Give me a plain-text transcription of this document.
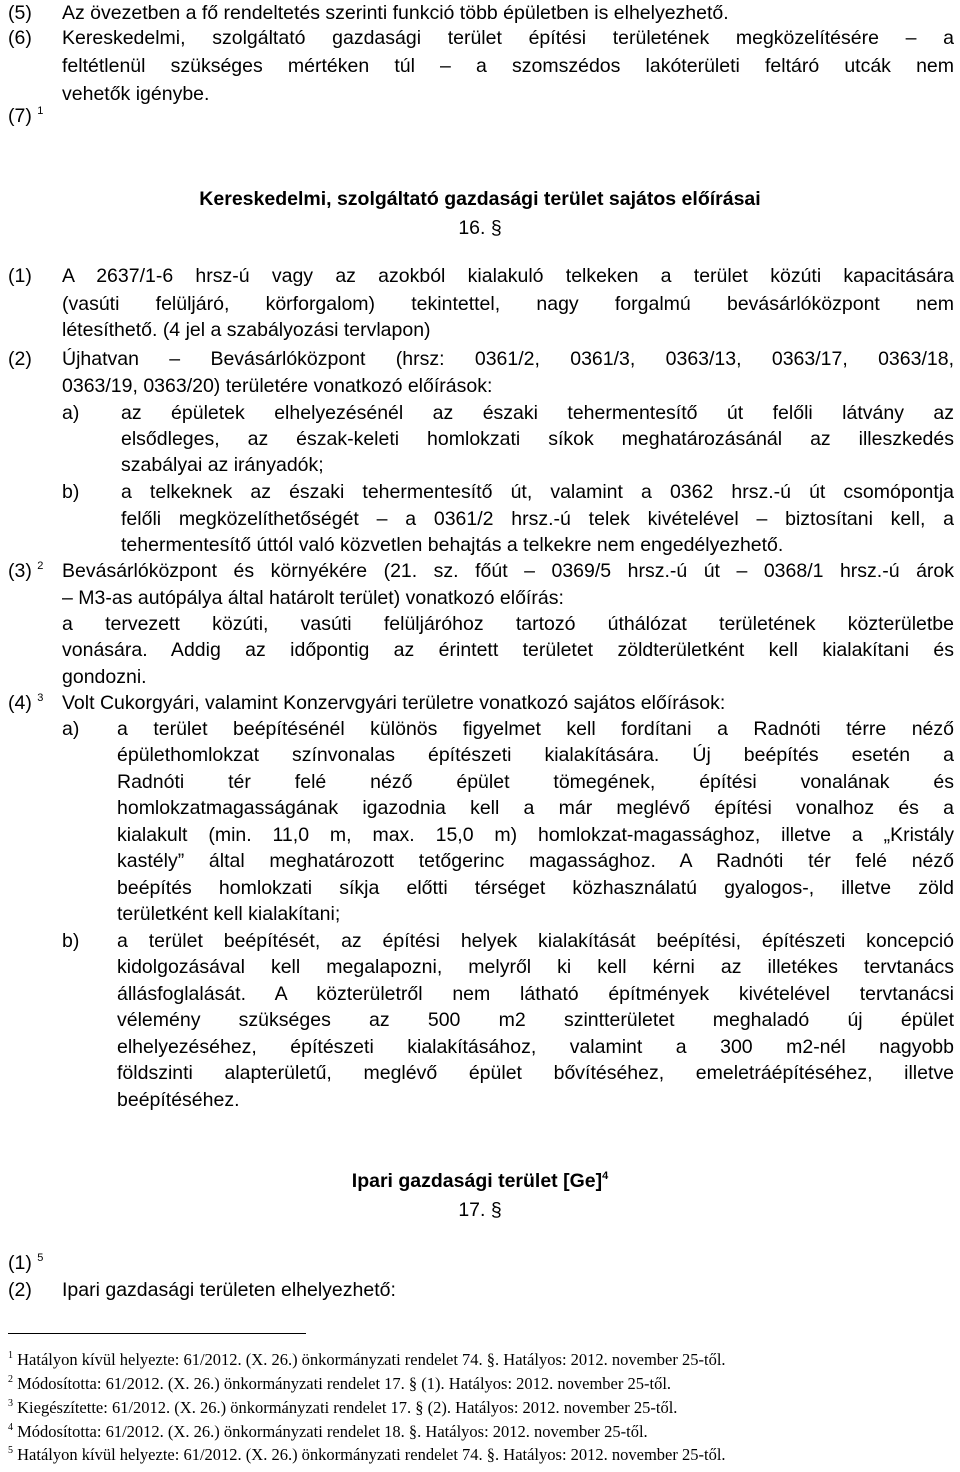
(5) Az övezetben a fő rendeltetés szerinti funkció több épületben is elhelyezhető.
(6) Kereskedelmi, szolgáltató gazdasági terület építési területének megközelítésére – a
feltétlenül szükséges mértéken túl – a szomszédos lakóterületi feltáró utcák nem
vehetők igénybe.
(7) $^1$
Kereskedelmi, szolgáltató gazdasági terület sajátos előírásai
16. §
(1) A 2637/1-6 hrsz-ú vagy az azokból kialakuló telkeken a terület közúti kapacitására
(vasúti felüljáró, körforgalom) tekintettel, nagy forgalmú bevásárlóközpont nem
létesíthető. (4 jel a szabályozási tervlapon)
(2) Újhatvan – Bevásárlóközpont (hrsz: 0361/2, 0361/3, 0363/13, 0363/17, 0363/18,
0363/19, 0363/20) területére vonatkozó előírások:
a) az épületek elhelyezésénél az északi tehermentesítő út felőli látvány az
elsődleges, az észak-keleti homlokzati síkok meghatározásánál az illeszkedés
szabályai az irányadók;
b) a telkeknek az északi tehermentesítő út, valamint a 0362 hrsz.-ú út csomópontja
felőli megközelíthetőségét – a 0361/2 hrsz.-ú telek kivételével – biztosítani kell, a
tehermentesítő úttól való közvetlen behajtás a telkekre nem engedélyezhető.
(3) $^2$ Bevásárlóközpont és környékére (21. sz. főút – 0369/5 hrsz.-ú út – 0368/1 hrsz.-ú árok
– M3-as autópálya által határolt terület) vonatkozó előírás:
a tervezett közúti, vasúti felüljáróhoz tartozó úthálózat területének közterületbe
vonására. Addig az időpontig az érintett területet zöldterületként kell kialakítani és
gondozni.
(4) $^3$ Volt Cukorgyári, valamint Konzervgyári területre vonatkozó sajátos előírások:
a) a terület beépítésénél különös figyelmet kell fordítani a Radnóti térre néző
épülethomlokzat színvonalas építészeti kialakítására. Új beépítés esetén a
Radnóti tér felé néző épület tömegének, építési vonalának és
homlokzatmagasságának igazodnia kell a már meglévő építési vonalhoz és a
kialakult (min. 11,0 m, max. 15,0 m) homlokzat-magassághoz, illetve a „Kristály
kastély” által meghatározott tetőgerinc magassághoz. A Radnóti tér felé néző
beépítés homlokzati síkja előtti térséget közhasználatú gyalogos-, illetve zöld
területként kell kialakítani;
b) a terület beépítését, az építési helyek kialakítását beépítési, építészeti koncepció
kidolgozásával kell megalapozni, melyről ki kell kérni az illetékes tervtanács
állásfoglalását. A közterületről nem látható építmények kivételével tervtanácsi
vélemény szükséges az 500 m2 szintterületet meghaladó új épület
elhelyezéséhez, építészeti kialakításához, valamint a 300 m2-nél nagyobb
földszinti alapterületű, meglévő épület bővítéséhez, emeletráépítéséhez, illetve
beépítéséhez.
Ipari gazdasági terület $[Ge]^4$
17. §
(1) $^5$
(2) Ipari gazdasági területen elhelyezhető:
$^1$ Hatályon kívül helyezte: 61/2012. (X. 26.) önkormányzati rendelet 74. §. Hatályos: 2012. november 25-től.
$^2$ Módosította: 61/2012. (X. 26.) önkormányzati rendelet 17. § (1). Hatályos: 2012. november 25-től.
$^3$ Kiegészítette: 61/2012. (X. 26.) önkormányzati rendelet 17. § (2). Hatályos: 2012. november 25-től.
$^4$ Módosította: 61/2012. (X. 26.) önkormányzati rendelet 18. §. Hatályos: 2012. november 25-től.
$^5$ Hatályon kívül helyezte: 61/2012. (X. 26.) önkormányzati rendelet 74. §. Hatályos: 2012. november 25-től.
